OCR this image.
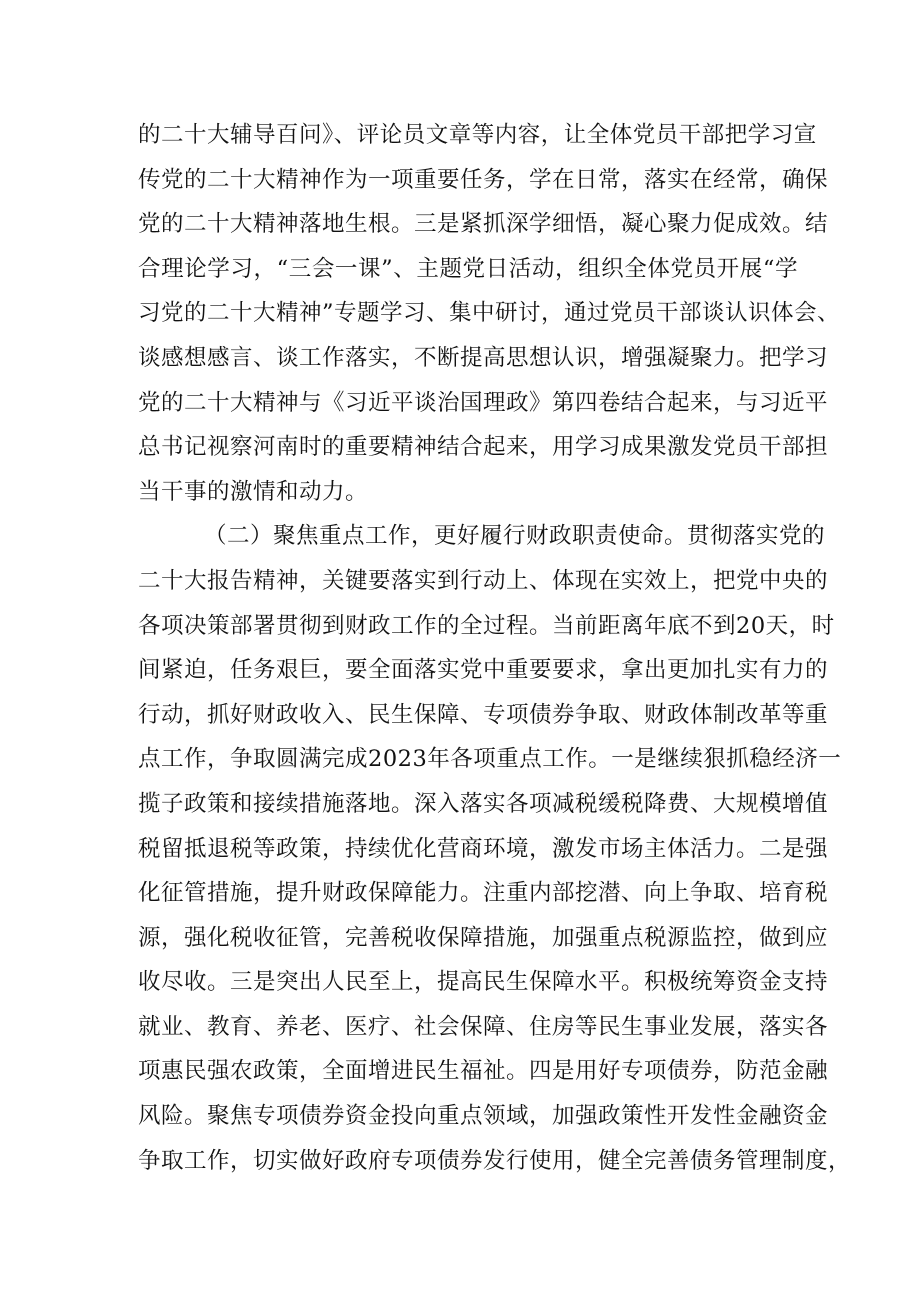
的二十大辅导百问》、评论员文章等内容，让全体党员干部把学习宣
传党的二十大精神作为一项重要任务，学在日常，落实在经常，确保
党的二十大精神落地生根。三是紧抓深学细悟，凝心聚力促成效。结
合理论学习，“三会一课”、主题党日活动，组织全体党员开展“学
习党的二十大精神”专题学习、集中研讨，通过党员干部谈认识体会、
谈感想感言、谈工作落实，不断提高思想认识，增强凝聚力。把学习
党的二十大精神与《习近平谈治国理政》第四卷结合起来，与习近平
总书记视察河南时的重要精神结合起来，用学习成果激发党员干部担
当干事的激情和动力。
（二）聚焦重点工作，更好履行财政职责使命。贯彻落实党的
二十大报告精神，关键要落实到行动上、体现在实效上，把党中央的
各项决策部署贯彻到财政工作的全过程。当前距离年底不到20天，时
间紧迫，任务艰巨，要全面落实党中重要要求，拿出更加扎实有力的
行动，抓好财政收入、民生保障、专项债券争取、财政体制改革等重
点工作，争取圆满完成2023年各项重点工作。一是继续狠抓稳经济一
揽子政策和接续措施落地。深入落实各项减税缓税降费、大规模增值
税留抵退税等政策，持续优化营商环境，激发市场主体活力。二是强
化征管措施，提升财政保障能力。注重内部挖潜、向上争取、培育税
源，强化税收征管，完善税收保障措施，加强重点税源监控，做到应
收尽收。三是突出人民至上，提高民生保障水平。积极统筹资金支持
就业、教育、养老、医疗、社会保障、住房等民生事业发展，落实各
项惠民强农政策，全面增进民生福祉。四是用好专项债券，防范金融
风险。聚焦专项债券资金投向重点领域，加强政策性开发性金融资金
争取工作，切实做好政府专项债券发行使用，健全完善债务管理制度，
